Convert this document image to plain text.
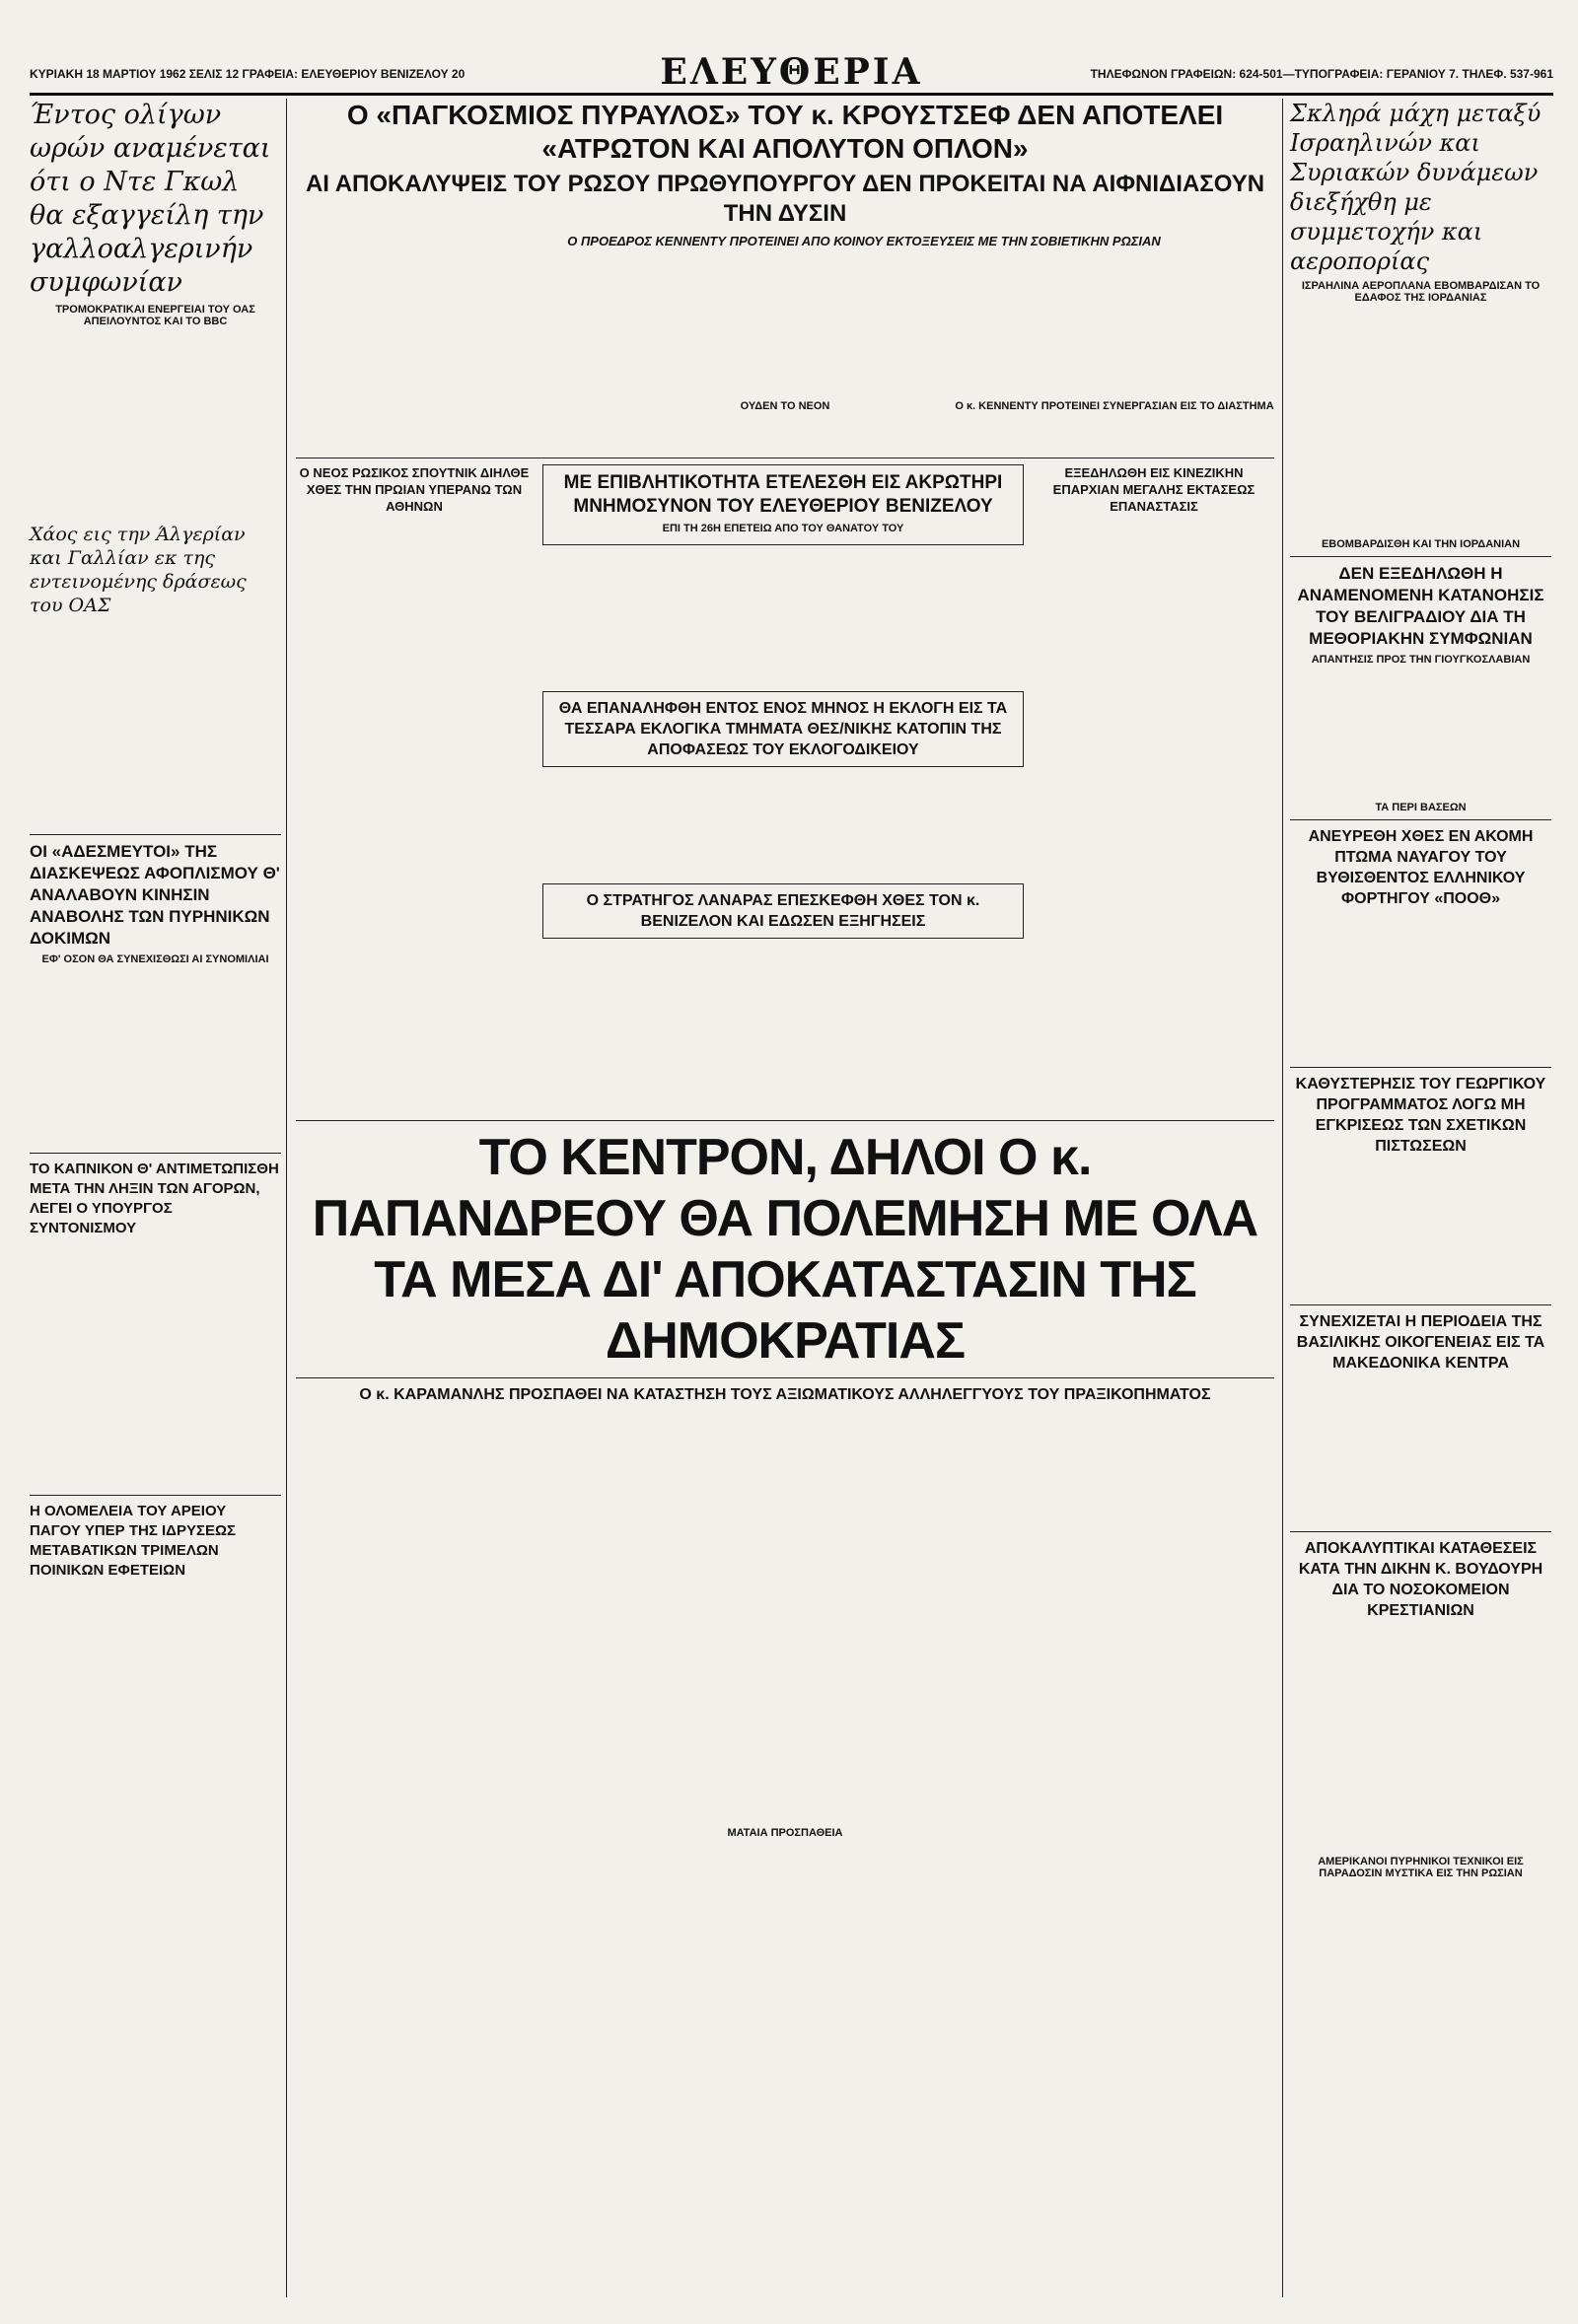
ΚΥΡΙΑΚΗ 18 ΜΑΡΤΙΟΥ 1962 ΣΕΛΙΣ 12 ΓΡΑΦΕΙΑ: ΕΛΕΥΘΕΡΙΟΥ ΒΕΝΙΖΕΛΟΥ 20	ΕΛΕΥΘΕΡΙΑ	ΤΗΛΕΦΩΝΟΝ ΓΡΑΦΕΙΩΝ: 624-501—ΤΥΠΟΓΡΑΦΕΙΑ: ΓΕΡΑΝΙΟΥ 7. ΤΗΛΕΦ. 537-961
Έντος ολίγων ωρών αναμένεται ότι ο Ντε Γκωλ θα εξαγγείλη την γαλλοαλγερινήν συμφωνίαν
ΤΡΟΜΟΚΡΑΤΙΚΑΙ ΕΝΕΡΓΕΙΑΙ ΤΟΥ ΟΑΣ ΑΠΕΙΛΟΥΝΤΟΣ ΚΑΙ ΤΟ BBC

Χάος εις την Άλγερίαν και Γαλλίαν εκ της εντεινομένης δράσεως του ΟΑΣ

ΟΙ «ΑΔΕΣΜΕΥΤΟΙ» ΤΗΣ ΔΙΑΣΚΕΨΕΩΣ ΑΦΟΠΛΙΣΜΟΥ Θ' ΑΝΑΛΑΒΟΥΝ ΚΙΝΗΣΙΝ ΑΝΑΒΟΛΗΣ ΤΩΝ ΠΥΡΗΝΙΚΩΝ ΔΟΚΙΜΩΝ
ΕΦ' ΟΣΟΝ ΘΑ ΣΥΝΕΧΙΣΘΩΣΙ ΑΙ ΣΥΝΟΜΙΛΙΑΙ

ΤΟ ΚΑΠΝΙΚΟΝ Θ' ΑΝΤΙΜΕΤΩΠΙΣΘΗ ΜΕΤΑ ΤΗΝ ΛΗΞΙΝ ΤΩΝ ΑΓΟΡΩΝ, ΛΕΓΕΙ Ο ΥΠΟΥΡΓΟΣ ΣΥΝΤΟΝΙΣΜΟΥ

Η ΟΛΟΜΕΛΕΙΑ ΤΟΥ ΑΡΕΙΟΥ ΠΑΓΟΥ ΥΠΕΡ ΤΗΣ ΙΔΡΥΣΕΩΣ ΜΕΤΑΒΑΤΙΚΩΝ ΤΡΙΜΕΛΩΝ ΠΟΙΝΙΚΩΝ ΕΦΕΤΕΙΩΝ

Ο «ΠΑΓΚΟΣΜΙΟΣ ΠΥΡΑΥΛΟΣ» ΤΟΥ κ. ΚΡΟΥΣΤΣΕΦ ΔΕΝ ΑΠΟΤΕΛΕΙ «ΑΤΡΩΤΟΝ ΚΑΙ ΑΠΟΛΥΤΟΝ ΟΠΛΟΝ»
ΑΙ ΑΠΟΚΑΛΥΨΕΙΣ ΤΟΥ ΡΩΣΟΥ ΠΡΩΘΥΠΟΥΡΓΟΥ ΔΕΝ ΠΡΟΚΕΙΤΑΙ ΝΑ ΑΙΦΝΙΔΙΑΣΟΥΝ ΤΗΝ ΔΥΣΙΝ
Ο ΠΡΟΕΔΡΟΣ ΚΕΝΝΕΝΤΥ ΠΡΟΤΕΙΝΕΙ ΑΠΟ ΚΟΙΝΟΥ ΕΚΤΟΞΕΥΣΕΙΣ ΜΕ ΤΗΝ ΣΟΒΙΕΤΙΚΗΝ ΡΩΣΙΑΝ

ΟΥΔΕΝ ΤΟ ΝΕΟΝ	Ο κ. ΚΕΝΝΕΝΤΥ ΠΡΟΤΕΙΝΕΙ ΣΥΝΕΡΓΑΣΙΑΝ ΕΙΣ ΤΟ ΔΙΑΣΤΗΜΑ
Ο ΝΕΟΣ ΡΩΣΙΚΟΣ ΣΠΟΥΤΝΙΚ ΔΙΗΛΘΕ ΧΘΕΣ ΤΗΝ ΠΡΩΙΑΝ ΥΠΕΡΑΝΩ ΤΩΝ ΑΘΗΝΩΝ

ΜΕ ΕΠΙΒΛΗΤΙΚΟΤΗΤΑ ΕΤΕΛΕΣΘΗ ΕΙΣ ΑΚΡΩΤΗΡΙ ΜΝΗΜΟΣΥΝΟΝ ΤΟΥ ΕΛΕΥΘΕΡΙΟΥ ΒΕΝΙΖΕΛΟΥ
ΕΠΙ ΤΗ 26Η ΕΠΕΤΕΙΩ ΑΠΟ ΤΟΥ ΘΑΝΑΤΟΥ ΤΟΥ

ΘΑ ΕΠΑΝΑΛΗΦΘΗ ΕΝΤΟΣ ΕΝΟΣ ΜΗΝΟΣ Η ΕΚΛΟΓΗ ΕΙΣ ΤΑ ΤΕΣΣΑΡΑ ΕΚΛΟΓΙΚΑ ΤΜΗΜΑΤΑ ΘΕΣ/ΝΙΚΗΣ ΚΑΤΟΠΙΝ ΤΗΣ ΑΠΟΦΑΣΕΩΣ ΤΟΥ ΕΚΛΟΓΟΔΙΚΕΙΟΥ

Ο ΣΤΡΑΤΗΓΟΣ ΛΑΝΑΡΑΣ ΕΠΕΣΚΕΦΘΗ ΧΘΕΣ ΤΟΝ κ. ΒΕΝΙΖΕΛΟΝ ΚΑΙ ΕΔΩΣΕΝ ΕΞΗΓΗΣΕΙΣ
ΕΞΕΔΗΛΩΘΗ ΕΙΣ ΚΙΝΕΖΙΚΗΝ ΕΠΑΡΧΙΑΝ ΜΕΓΑΛΗΣ ΕΚΤΑΣΕΩΣ ΕΠΑΝΑΣΤΑΣΙΣ

ΤΟ ΚΕΝΤΡΟΝ, ΔΗΛΟΙ Ο κ. ΠΑΠΑΝΔΡΕΟΥ ΘΑ ΠΟΛΕΜΗΣΗ ΜΕ ΟΛΑ ΤΑ ΜΕΣΑ ΔΙ' ΑΠΟΚΑΤΑΣΤΑΣΙΝ ΤΗΣ ΔΗΜΟΚΡΑΤΙΑΣ
Ο κ. ΚΑΡΑΜΑΝΛΗΣ ΠΡΟΣΠΑΘΕΙ ΝΑ ΚΑΤΑΣΤΗΣΗ ΤΟΥΣ ΑΞΙΩΜΑΤΙΚΟΥΣ ΑΛΛΗΛΕΓΓΥΟΥΣ ΤΟΥ ΠΡΑΞΙΚΟΠΗΜΑΤΟΣ

ΜΑΤΑΙΑ ΠΡΟΣΠΑΘΕΙΑ
Σκληρά μάχη μεταξύ Ισραηλινών και Συριακών δυνάμεων διεξήχθη με συμμετοχήν και αεροπορίας
ΙΣΡΑΗΛΙΝΑ ΑΕΡΟΠΛΑΝΑ ΕΒΟΜΒΑΡΔΙΣΑΝ ΤΟ ΕΔΑΦΟΣ ΤΗΣ ΙΟΡΔΑΝΙΑΣ

ΕΒΟΜΒΑΡΔΙΣΘΗ ΚΑΙ ΤΗΝ ΙΟΡΔΑΝΙΑΝ
ΔΕΝ ΕΞΕΔΗΛΩΘΗ Η ΑΝΑΜΕΝΟΜΕΝΗ ΚΑΤΑΝΟΗΣΙΣ ΤΟΥ ΒΕΛΙΓΡΑΔΙΟΥ ΔΙΑ ΤΗ ΜΕΘΟΡΙΑΚΗΝ ΣΥΜΦΩΝΙΑΝ
ΑΠΑΝΤΗΣΙΣ ΠΡΟΣ ΤΗΝ ΓΙΟΥΓΚΟΣΛΑΒΙΑΝ

ΤΑ ΠΕΡΙ ΒΑΣΕΩΝ
ΑΝΕΥΡΕΘΗ ΧΘΕΣ ΕΝ ΑΚΟΜΗ ΠΤΩΜΑ ΝΑΥΑΓΟΥ ΤΟΥ ΒΥΘΙΣΘΕΝΤΟΣ ΕΛΛΗΝΙΚΟΥ ΦΟΡΤΗΓΟΥ «ΠΟΟΘ»

ΚΑΘΥΣΤΕΡΗΣΙΣ ΤΟΥ ΓΕΩΡΓΙΚΟΥ ΠΡΟΓΡΑΜΜΑΤΟΣ ΛΟΓΩ ΜΗ ΕΓΚΡΙΣΕΩΣ ΤΩΝ ΣΧΕΤΙΚΩΝ ΠΙΣΤΩΣΕΩΝ

ΣΥΝΕΧΙΖΕΤΑΙ Η ΠΕΡΙΟΔΕΙΑ ΤΗΣ ΒΑΣΙΛΙΚΗΣ ΟΙΚΟΓΕΝΕΙΑΣ ΕΙΣ ΤΑ ΜΑΚΕΔΟΝΙΚΑ ΚΕΝΤΡΑ

ΑΠΟΚΑΛΥΠΤΙΚΑΙ ΚΑΤΑΘΕΣΕΙΣ ΚΑΤΑ ΤΗΝ ΔΙΚΗΝ Κ. ΒΟΥΔΟΥΡΗ ΔΙΑ ΤΟ ΝΟΣΟΚΟΜΕΙΟΝ ΚΡΕΣΤΙΑΝΙΩΝ

ΑΜΕΡΙΚΑΝΟΙ ΠΥΡΗΝΙΚΟΙ ΤΕΧΝΙΚΟΙ ΕΙΣ ΠΑΡΑΔΟΣΙΝ ΜΥΣΤΙΚΑ ΕΙΣ ΤΗΝ ΡΩΣΙΑΝ
